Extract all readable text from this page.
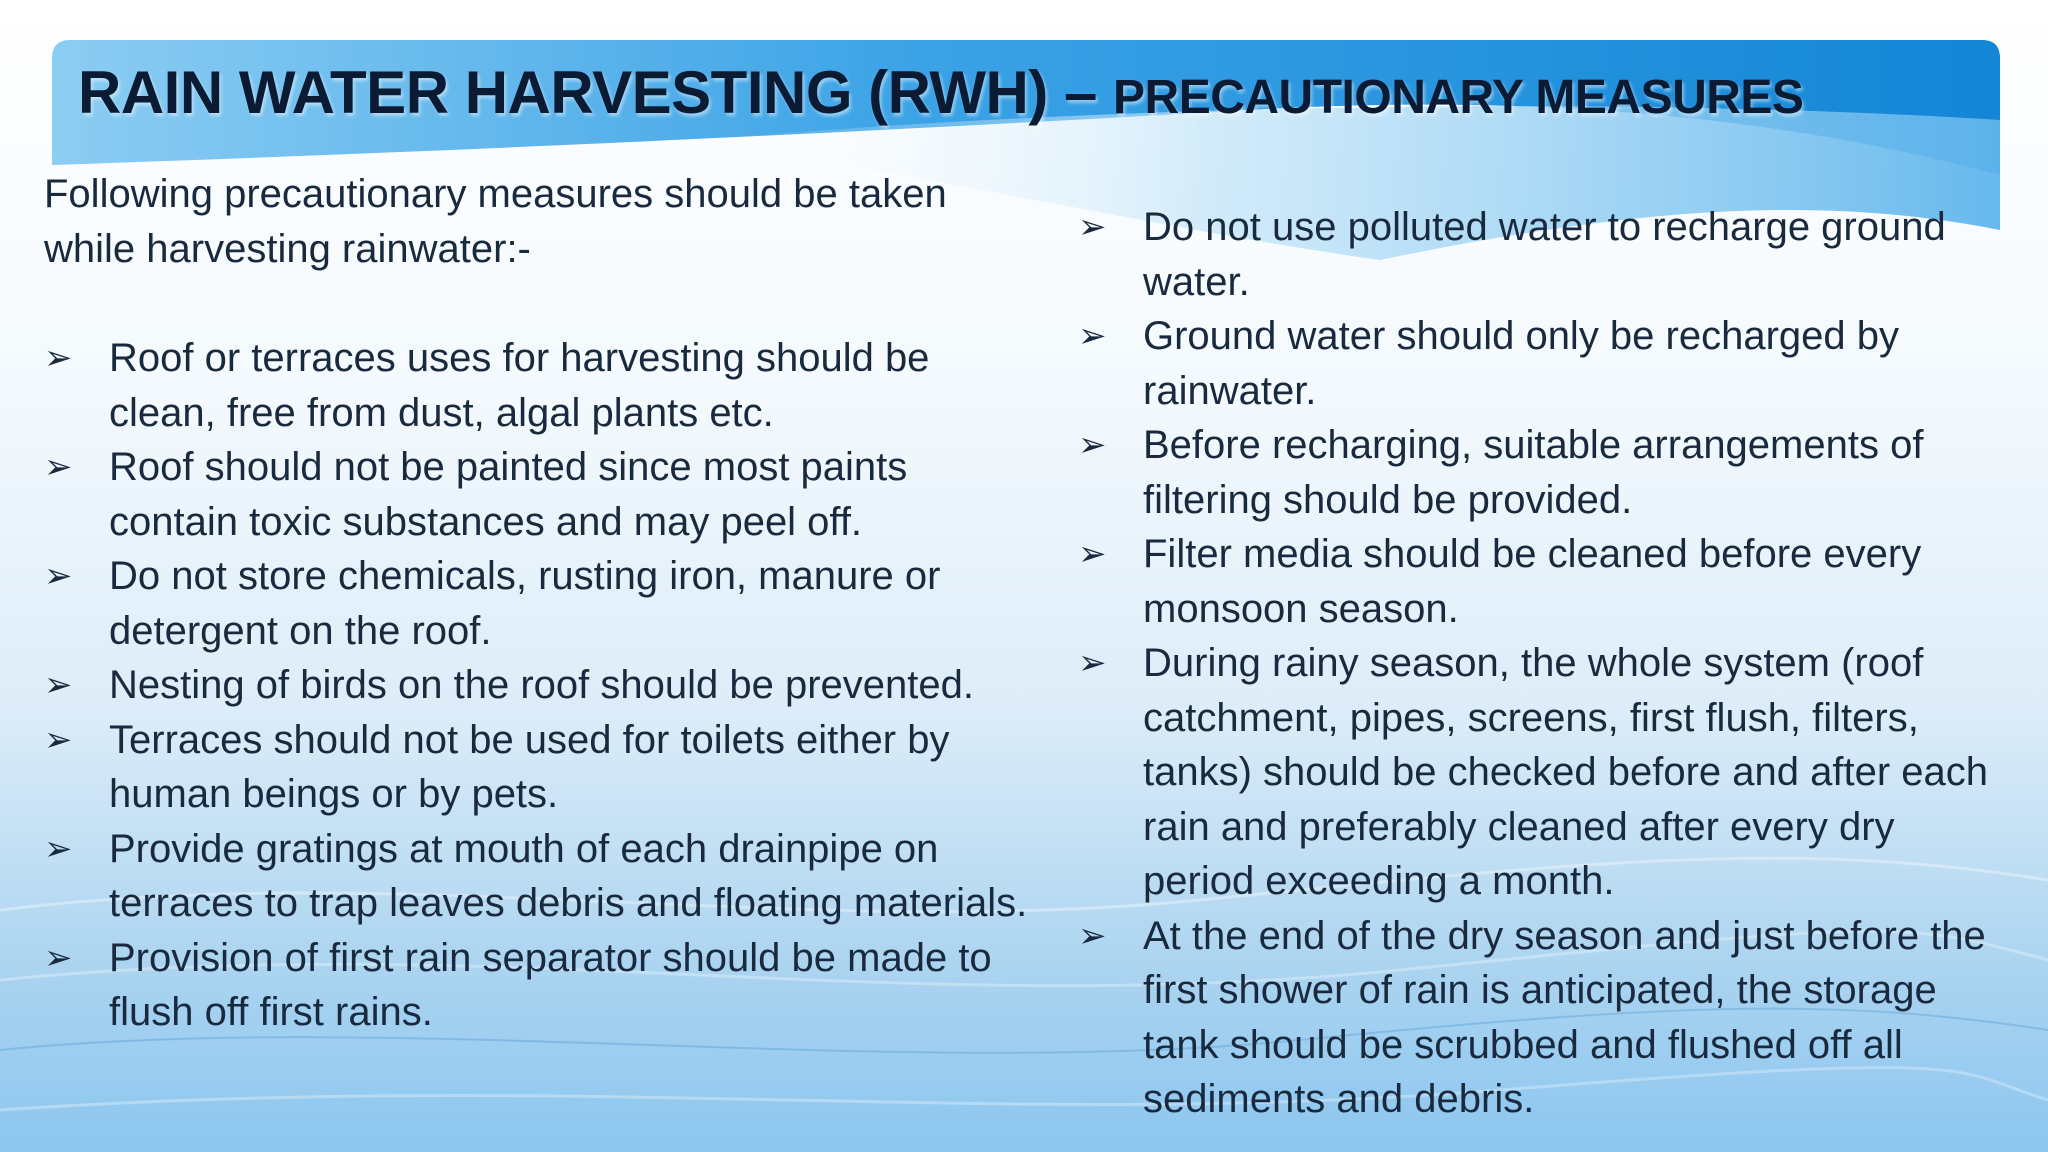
RAIN WATER HARVESTING (RWH) – PRECAUTIONARY MEASURES

Following precautionary measures should be taken while harvesting rainwater:-

➢ Roof or terraces uses for harvesting should be clean, free from dust, algal plants etc.
➢ Roof should not be painted since most paints contain toxic substances and may peel off.
➢ Do not store chemicals, rusting iron, manure or detergent on the roof.
➢ Nesting of birds on the roof should be prevented.
➢ Terraces should not be used for toilets either by human beings or by pets.
➢ Provide gratings at mouth of each drainpipe on terraces to trap leaves debris and floating materials.
➢ Provision of first rain separator should be made to flush off first rains.
➢ Do not use polluted water to recharge ground water.
➢ Ground water should only be recharged by rainwater.
➢ Before recharging, suitable arrangements of filtering should be provided.
➢ Filter media should be cleaned before every monsoon season.
➢ During rainy season, the whole system (roof catchment, pipes, screens, first flush, filters, tanks) should be checked before and after each rain and preferably cleaned after every dry period exceeding a month.
➢ At the end of the dry season and just before the first shower of rain is anticipated, the storage tank should be scrubbed and flushed off all sediments and debris.
